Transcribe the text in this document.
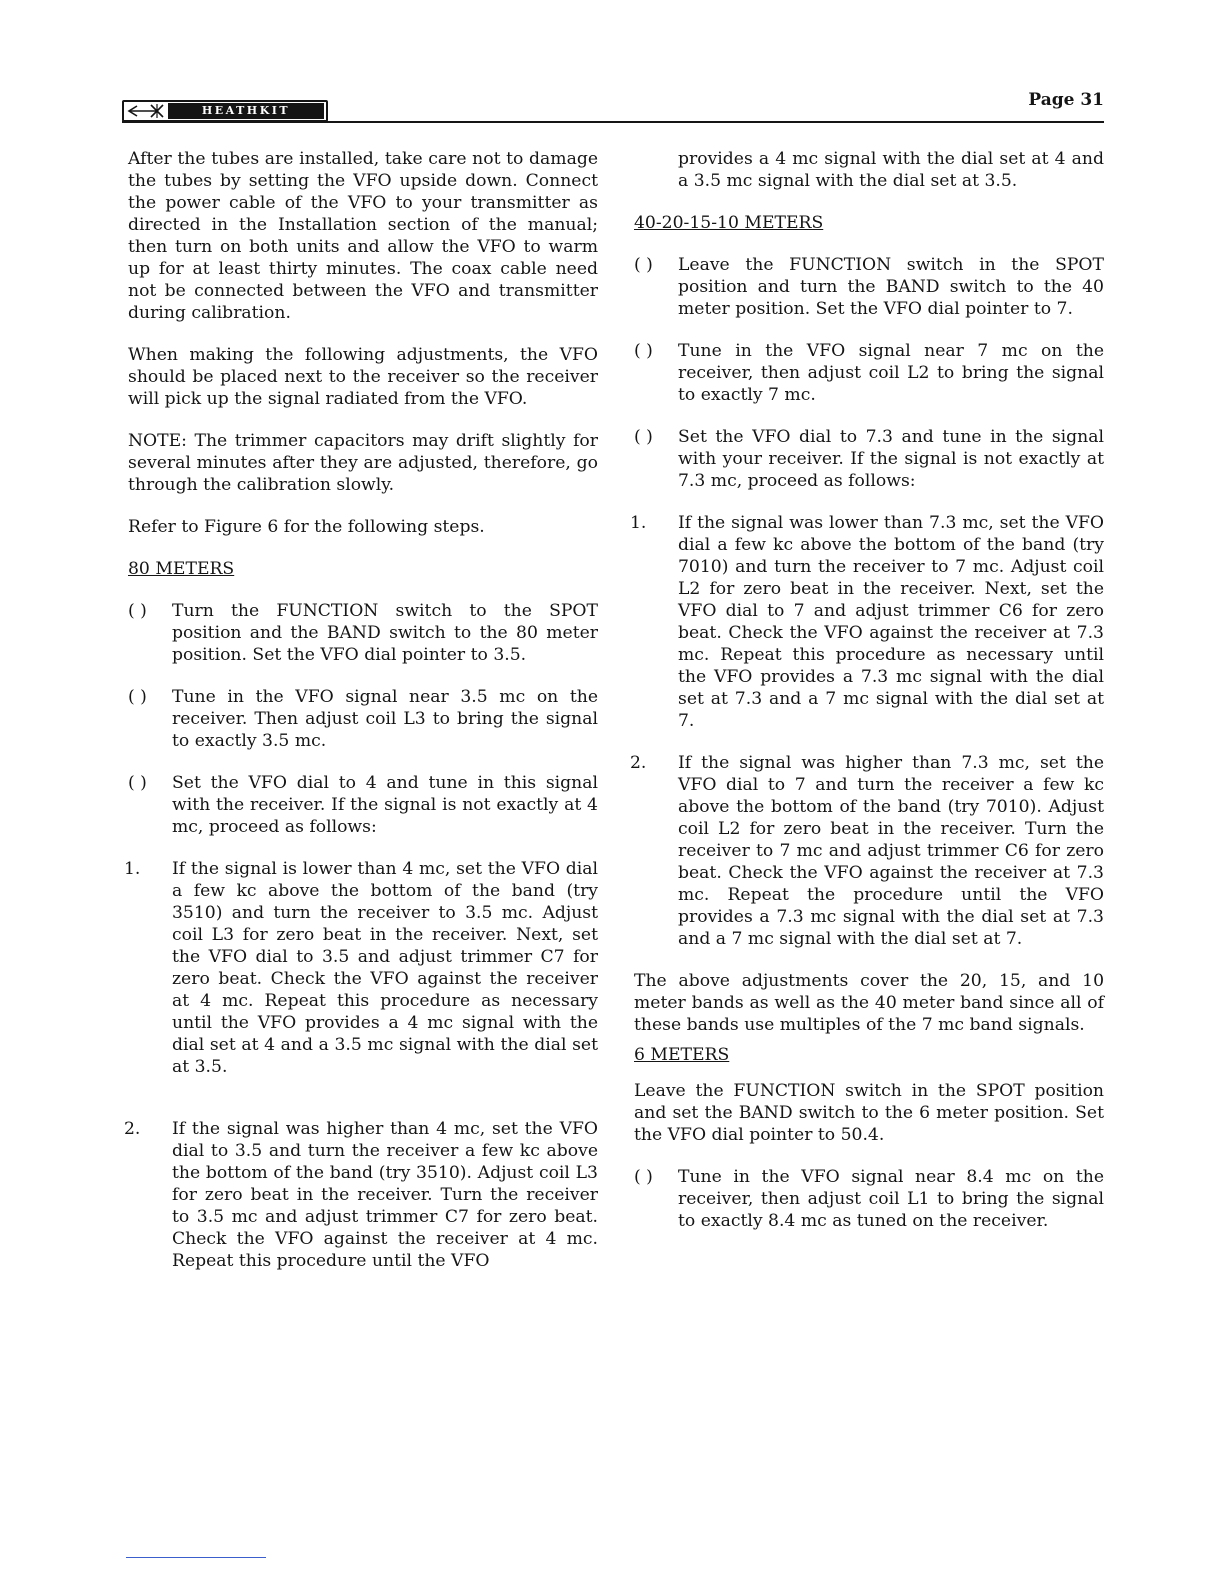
HEATHKIT
Page 31

After the tubes are installed, take care not to damage the tubes by setting the VFO upside down. Connect the power cable of the VFO to your transmitter as directed in the Installation section of the manual; then turn on both units and allow the VFO to warm up for at least thirty minutes. The coax cable need not be connected between the VFO and transmitter during calibration.

When making the following adjustments, the VFO should be placed next to the receiver so the receiver will pick up the signal radiated from the VFO.

NOTE: The trimmer capacitors may drift slightly for several minutes after they are adjusted, therefore, go through the calibration slowly.

Refer to Figure 6 for the following steps.

80 METERS
( ) Turn the FUNCTION switch to the SPOT position and the BAND switch to the 80 meter position. Set the VFO dial pointer to 3.5.
( ) Tune in the VFO signal near 3.5 mc on the receiver. Then adjust coil L3 to bring the signal to exactly 3.5 mc.
( ) Set the VFO dial to 4 and tune in this signal with the receiver. If the signal is not exactly at 4 mc, proceed as follows:
1. If the signal is lower than 4 mc, set the VFO dial a few kc above the bottom of the band (try 3510) and turn the receiver to 3.5 mc. Adjust coil L3 for zero beat in the receiver. Next, set the VFO dial to 3.5 and adjust trimmer C7 for zero beat. Check the VFO against the receiver at 4 mc. Repeat this procedure as necessary until the VFO provides a 4 mc signal with the dial set at 4 and a 3.5 mc signal with the dial set at 3.5.
2. If the signal was higher than 4 mc, set the VFO dial to 3.5 and turn the receiver a few kc above the bottom of the band (try 3510). Adjust coil L3 for zero beat in the receiver. Turn the receiver to 3.5 mc and adjust trimmer C7 for zero beat. Check the VFO against the receiver at 4 mc. Repeat this procedure until the VFO
provides a 4 mc signal with the dial set at 4 and a 3.5 mc signal with the dial set at 3.5.
40-20-15-10 METERS
( ) Leave the FUNCTION switch in the SPOT position and turn the BAND switch to the 40 meter position. Set the VFO dial pointer to 7.
( ) Tune in the VFO signal near 7 mc on the receiver, then adjust coil L2 to bring the signal to exactly 7 mc.
( ) Set the VFO dial to 7.3 and tune in the signal with your receiver. If the signal is not exactly at 7.3 mc, proceed as follows:
1. If the signal was lower than 7.3 mc, set the VFO dial a few kc above the bottom of the band (try 7010) and turn the receiver to 7 mc. Adjust coil L2 for zero beat in the receiver. Next, set the VFO dial to 7 and adjust trimmer C6 for zero beat. Check the VFO against the receiver at 7.3 mc. Repeat this procedure as necessary until the VFO provides a 7.3 mc signal with the dial set at 7.3 and a 7 mc signal with the dial set at 7.
2. If the signal was higher than 7.3 mc, set the VFO dial to 7 and turn the receiver a few kc above the bottom of the band (try 7010). Adjust coil L2 for zero beat in the receiver. Turn the receiver to 7 mc and adjust trimmer C6 for zero beat. Check the VFO against the receiver at 7.3 mc. Repeat the procedure until the VFO provides a 7.3 mc signal with the dial set at 7.3 and a 7 mc signal with the dial set at 7.

The above adjustments cover the 20, 15, and 10 meter bands as well as the 40 meter band since all of these bands use multiples of the 7 mc band signals.

6 METERS

Leave the FUNCTION switch in the SPOT position and set the BAND switch to the 6 meter position. Set the VFO dial pointer to 50.4.

( ) Tune in the VFO signal near 8.4 mc on the receiver, then adjust coil L1 to bring the signal to exactly 8.4 mc as tuned on the receiver.
